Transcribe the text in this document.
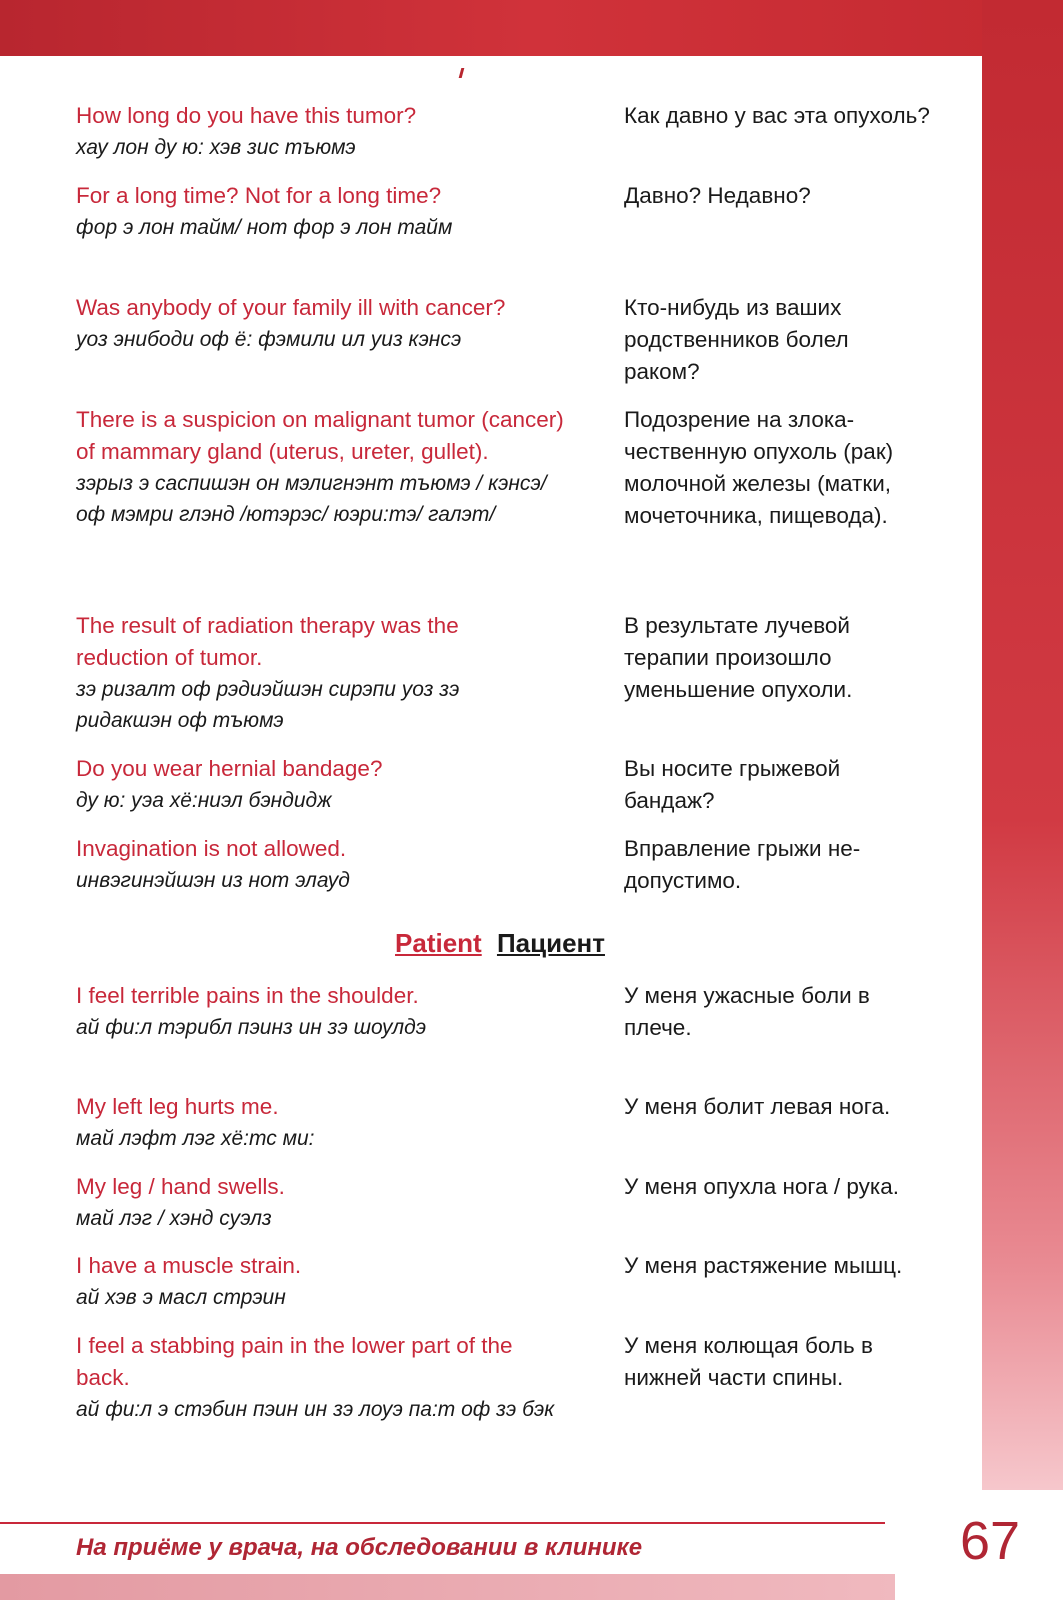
How long do you have this tumor?
хау лон ду ю: хэв зис тъюмэ
Как давно у вас эта опухоль?
For a long time? Not for a long time?
фор э лон тайм/ нот фор э лон тайм
Давно? Недавно?
Was anybody of your family ill with cancer?
уоз энибоди оф ё: фэмили ил уиз кэнсэ
Кто-нибудь из ваших родственников болел раком?
There is a suspicion on malignant tumor (cancer) of mammary gland (uterus, ureter, gullet).
зэрыз э саспишэн он мэлигнэнт тъюмэ / кэнсэ/ оф мэмри глэнд /ютэрэс/ юэри:тэ/ галэт/
Подозрение на злока-чественную опухоль (рак) молочной железы (матки, мочеточника, пищевода).
The result of radiation therapy was the reduction of tumor.
зэ ризалт оф рэдиэйшэн сирэпи уоз зэ ридакшэн оф тъюмэ
В результате лучевой терапии произошло уменьшение опухоли.
Do you wear hernial bandage?
ду ю: уэа хё:ниэл бэндидж
Вы носите грыжевой бандаж?
Invagination is not allowed.
инвэгинэйшэн из нот элауд
Вправление грыжи не-допустимо.
Patient Пациент
I feel terrible pains in the shoulder.
ай фи:л тэрибл пэинз ин зэ шоулдэ
У меня ужасные боли в плече.
My left leg hurts me.
май лэфт лэг хё:тс ми:
У меня болит левая нога.
My leg / hand swells.
май лэг / хэнд суэлз
У меня опухла нога / рука.
I have a muscle strain.
ай хэв э масл стрэин
У меня растяжение мышц.
I feel a stabbing pain in the lower part of the back.
ай фи:л э стэбин пэин ин зэ лоуэ па:т оф зэ бэк
У меня колющая боль в нижней части спины.
На приёме у врача, на обследовании в клинике	67
